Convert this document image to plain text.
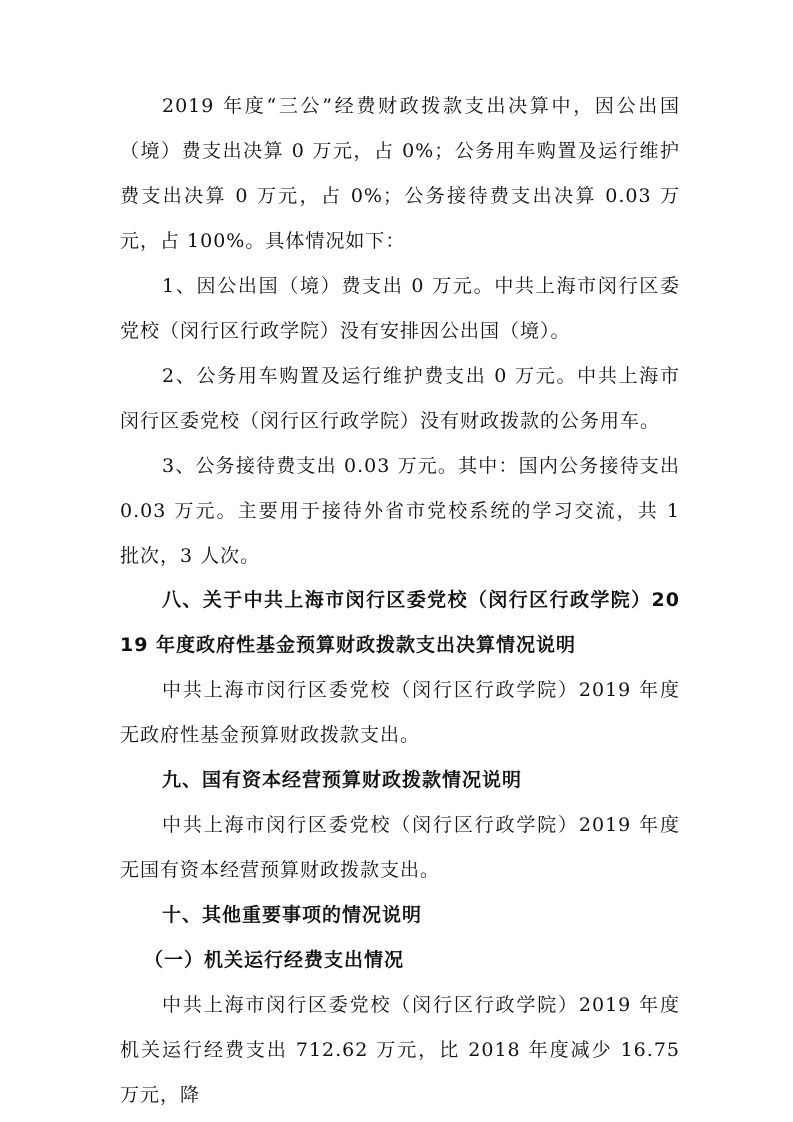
2019 年度“三公”经费财政拨款支出决算中，因公出国（境）费支出决算 0 万元，占 0%；公务用车购置及运行维护费支出决算 0 万元，占 0%；公务接待费支出决算 0.03 万元，占 100%。具体情况如下：

1、因公出国（境）费支出 0 万元。中共上海市闵行区委党校（闵行区行政学院）没有安排因公出国（境）。

2、公务用车购置及运行维护费支出 0 万元。中共上海市闵行区委党校（闵行区行政学院）没有财政拨款的公务用车。

3、公务接待费支出 0.03 万元。其中：国内公务接待支出 0.03 万元。主要用于接待外省市党校系统的学习交流，共 1 批次，3 人次。

八、关于中共上海市闵行区委党校（闵行区行政学院）2019 年度政府性基金预算财政拨款支出决算情况说明

中共上海市闵行区委党校（闵行区行政学院）2019 年度无政府性基金预算财政拨款支出。

九、国有资本经营预算财政拨款情况说明

中共上海市闵行区委党校（闵行区行政学院）2019 年度无国有资本经营预算财政拨款支出。

十、其他重要事项的情况说明

（一）机关运行经费支出情况

中共上海市闵行区委党校（闵行区行政学院）2019 年度机关运行经费支出 712.62 万元，比 2018 年度减少 16.75 万元，降
